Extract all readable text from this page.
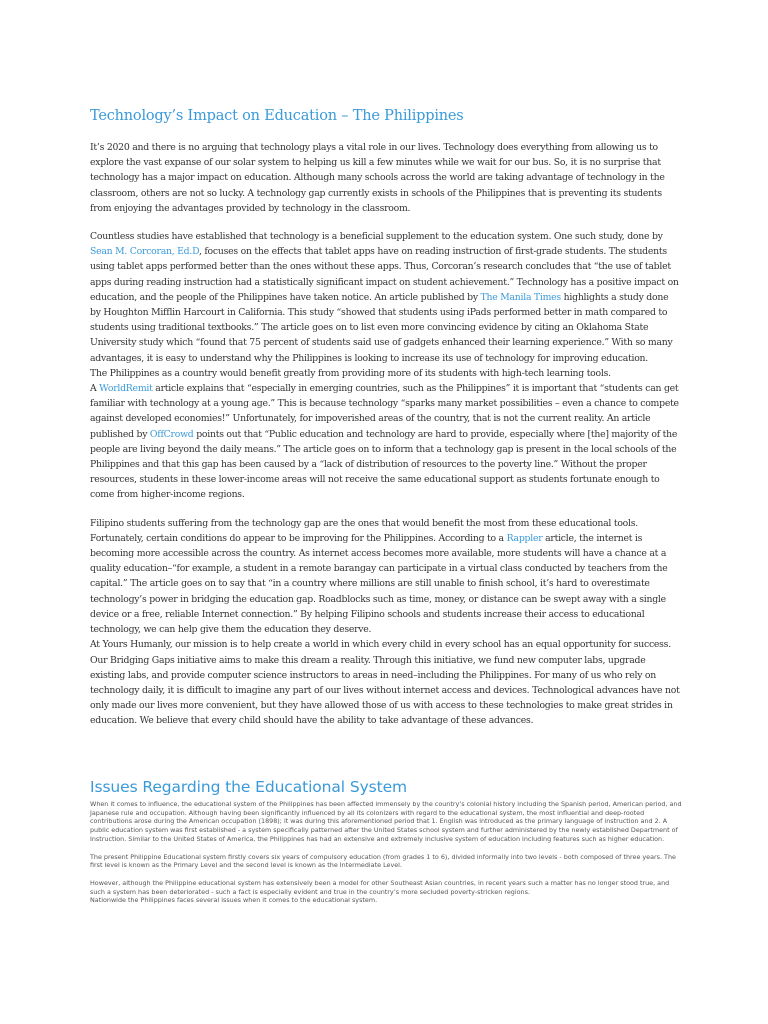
Technology’s Impact on Education – The Philippines

It’s 2020 and there is no arguing that technology plays a vital role in our lives. Technology does everything from allowing us to explore the vast expanse of our solar system to helping us kill a few minutes while we wait for our bus. So, it is no surprise that technology has a major impact on education. Although many schools across the world are taking advantage of technology in the classroom, others are not so lucky. A technology gap currently exists in schools of the Philippines that is preventing its students from enjoying the advantages provided by technology in the classroom.

Countless studies have established that technology is a beneficial supplement to the education system. One such study, done by Sean M. Corcoran, Ed.D, focuses on the effects that tablet apps have on reading instruction of first-grade students. The students using tablet apps performed better than the ones without these apps. Thus, Corcoran’s research concludes that “the use of tablet apps during reading instruction had a statistically significant impact on student achievement.” Technology has a positive impact on education, and the people of the Philippines have taken notice. An article published by The Manila Times highlights a study done by Houghton Mifflin Harcourt in California. This study “showed that students using iPads performed better in math compared to students using traditional textbooks.” The article goes on to list even more convincing evidence by citing an Oklahoma State University study which “found that 75 percent of students said use of gadgets enhanced their learning experience.” With so many advantages, it is easy to understand why the Philippines is looking to increase its use of technology for improving education.

The Philippines as a country would benefit greatly from providing more of its students with high-tech learning tools.

A WorldRemit article explains that “especially in emerging countries, such as the Philippines” it is important that “students can get familiar with technology at a young age.” This is because technology “sparks many market possibilities – even a chance to compete against developed economies!” Unfortunately, for impoverished areas of the country, that is not the current reality. An article published by OffCrowd points out that “Public education and technology are hard to provide, especially where [the] majority of the people are living beyond the daily means.” The article goes on to inform that a technology gap is present in the local schools of the Philippines and that this gap has been caused by a “lack of distribution of resources to the poverty line.” Without the proper resources, students in these lower-income areas will not receive the same educational support as students fortunate enough to come from higher-income regions.

Filipino students suffering from the technology gap are the ones that would benefit the most from these educational tools. Fortunately, certain conditions do appear to be improving for the Philippines. According to a Rappler article, the internet is becoming more accessible across the country. As internet access becomes more available, more students will have a chance at a quality education–“for example, a student in a remote barangay can participate in a virtual class conducted by teachers from the capital.” The article goes on to say that “in a country where millions are still unable to finish school, it’s hard to overestimate technology’s power in bridging the education gap. Roadblocks such as time, money, or distance can be swept away with a single device or a free, reliable Internet connection.” By helping Filipino schools and students increase their access to educational technology, we can help give them the education they deserve.

At Yours Humanly, our mission is to help create a world in which every child in every school has an equal opportunity for success. Our Bridging Gaps initiative aims to make this dream a reality. Through this initiative, we fund new computer labs, upgrade existing labs, and provide computer science instructors to areas in need–including the Philippines. For many of us who rely on technology daily, it is difficult to imagine any part of our lives without internet access and devices. Technological advances have not only made our lives more convenient, but they have allowed those of us with access to these technologies to make great strides in education. We believe that every child should have the ability to take advantage of these advances.

Issues Regarding the Educational System

When it comes to influence, the educational system of the Philippines has been affected immensely by the country’s colonial history including the Spanish period, American period, and Japanese rule and occupation. Although having been significantly influenced by all its colonizers with regard to the educational system, the most influential and deep-rooted contributions arose during the American occupation (1898); it was during this aforementioned period that 1. English was introduced as the primary language of instruction and 2. A public education system was first established - a system specifically patterned after the United States school system and further administered by the newly established Department of Instruction. Similar to the United States of America, the Philippines has had an extensive and extremely inclusive system of education including features such as higher education.

The present Philippine Educational system firstly covers six years of compulsory education (from grades 1 to 6), divided informally into two levels - both composed of three years. The first level is known as the Primary Level and the second level is known as the Intermediate Level.

However, although the Philippine educational system has extensively been a model for other Southeast Asian countries, in recent years such a matter has no longer stood true, and such a system has been deteriorated - such a fact is especially evident and true in the country’s more secluded poverty-stricken regions.

Nationwide the Philippines faces several issues when it comes to the educational system.
